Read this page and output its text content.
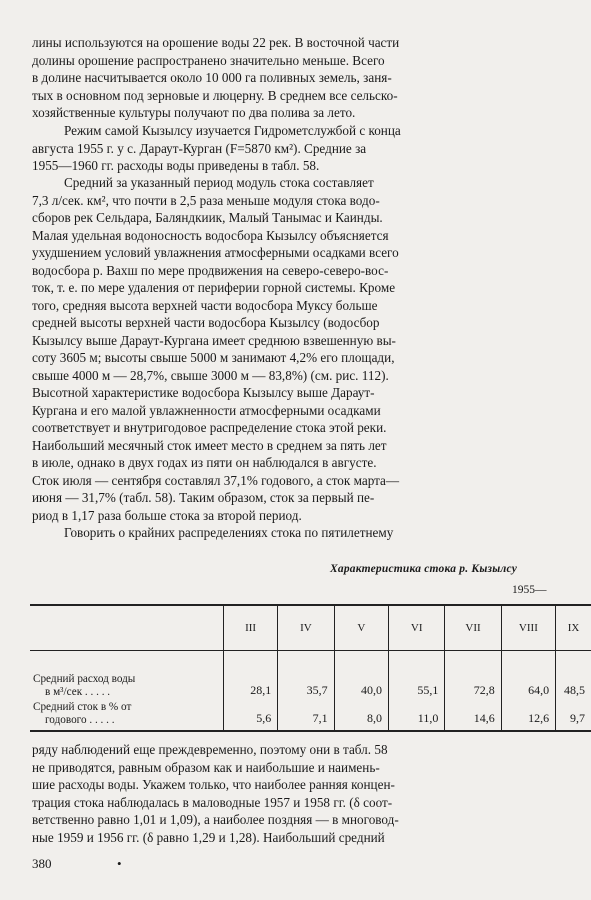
лины используются на орошение воды 22 рек. В восточной части
долины орошение распространено значительно меньше. Всего
в долине насчитывается около 10 000 га поливных земель, заня-
тых в основном под зерновые и люцерну. В среднем все сельско-
хозяйственные культуры получают по два полива за лето.
Режим самой Кызылсу изучается Гидрометслужбой с конца
августа 1955 г. у с. Дараут-Курган (F=5870 км²). Средние за
1955—1960 гг. расходы воды приведены в табл. 58.
Средний за указанный период модуль стока составляет
7,3 л/сек. км², что почти в 2,5 раза меньше модуля стока водо-
сборов рек Сельдара, Баляндкиик, Малый Танымас и Каинды.
Малая удельная водоносность водосбора Кызылсу объясняется
ухудшением условий увлажнения атмосферными осадками всего
водосбора р. Вахш по мере продвижения на северо-северо-вос-
ток, т. е. по мере удаления от периферии горной системы. Кроме
того, средняя высота верхней части водосбора Муксу больше
средней высоты верхней части водосбора Кызылсу (водосбор
Кызылсу выше Дараут-Кургана имеет среднюю взвешенную вы-
соту 3605 м; высоты свыше 5000 м занимают 4,2% его площади,
свыше 4000 м — 28,7%, свыше 3000 м — 83,8%) (см. рис. 112).
Высотной характеристике водосбора Кызылсу выше Дараут-
Кургана и его малой увлажненности атмосферными осадками
соответствует и внутригодовое распределение стока этой реки.
Наибольший месячный сток имеет место в среднем за пять лет
в июле, однако в двух годах из пяти он наблюдался в августе.
Сток июля — сентября составлял 37,1% годового, а сток марта—
июня — 31,7% (табл. 58). Таким образом, сток за первый пе-
риод в 1,17 раза больше стока за второй период.
Говорить о крайних распределениях стока по пятилетнему
Характеристика стока р. Кызылсу
1955—
	III	IV	V	VI	VII	VIII	IX
Средний расход воды
в м³/сек . . . . .	28,1	35,7	40,0	55,1	72,8	64,0	48,5
Средний сток в % от
годового . . . . .	5,6	7,1	8,0	11,0	14,6	12,6	9,7
ряду наблюдений еще преждевременно, поэтому они в табл. 58
не приводятся, равным образом как и наибольшие и наимень-
шие расходы воды. Укажем только, что наиболее ранняя концен-
трация стока наблюдалась в маловодные 1957 и 1958 гг. (δ соот-
ветственно равно 1,01 и 1,09), а наиболее поздняя — в многовод-
ные 1959 и 1956 гг. (δ равно 1,29 и 1,28). Наибольший средний
380	•
